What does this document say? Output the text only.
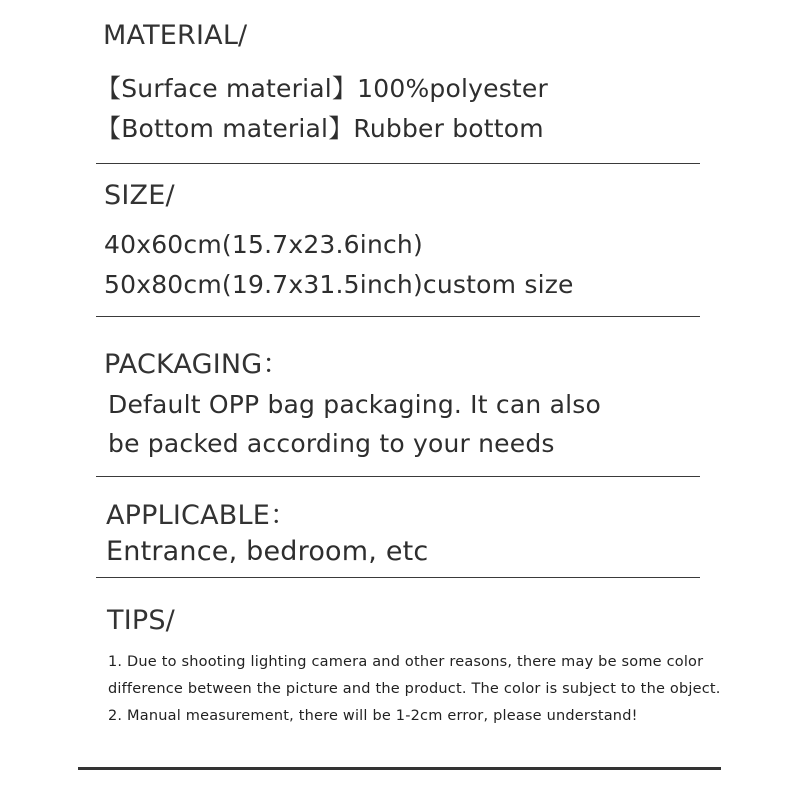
MATERIAL/
【Surface material】100%polyester
【Bottom material】Rubber bottom
SIZE/
40x60cm(15.7x23.6inch)
50x80cm(19.7x31.5inch)custom size
PACKAGING：
Default OPP bag packaging. It can also
be packed according to your needs
APPLICABLE：
Entrance, bedroom, etc
TIPS/
1. Due to shooting lighting camera and other reasons, there may be some color
difference between the picture and the product. The color is subject to the object.
2. Manual measurement, there will be 1-2cm error, please understand!
